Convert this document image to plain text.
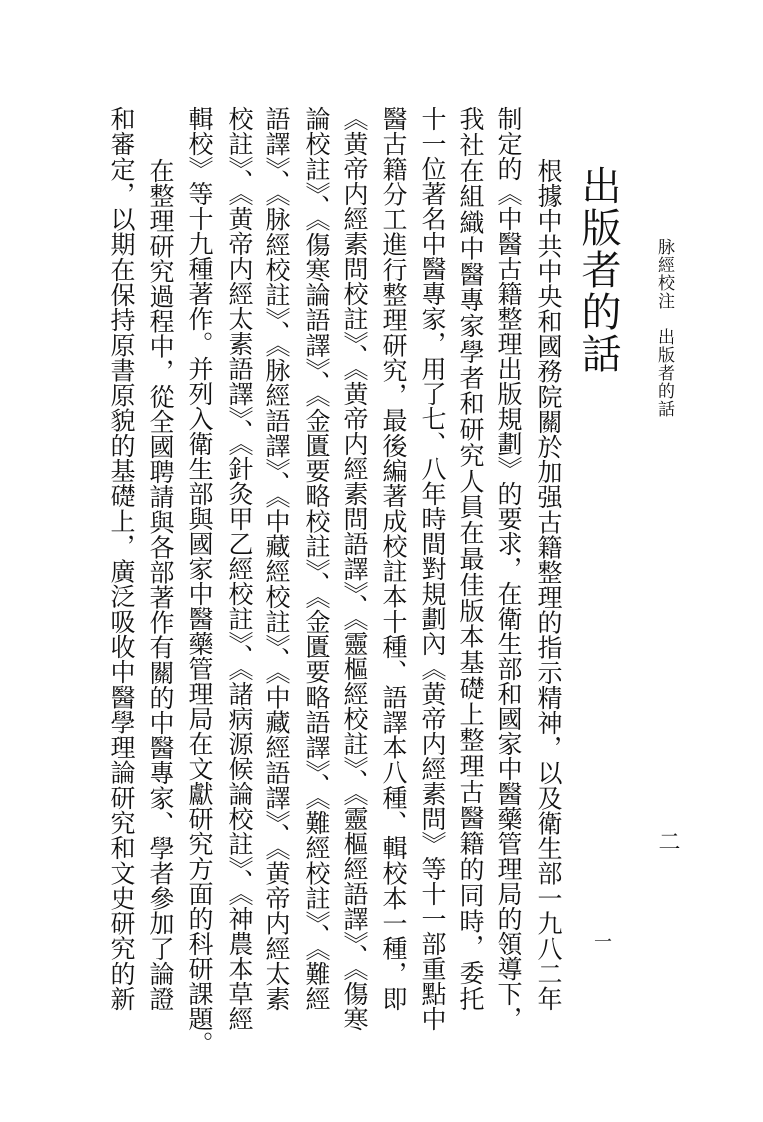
脉經校注　出版者的話
出版者的話
根據中共中央和國務院關於加强古籍整理的指示精神，以及衛生部一九八二年
制定的《中醫古籍整理出版規劃》的要求，在衛生部和國家中醫藥管理局的領導下，
我社在組織中醫專家學者和研究人員在最佳版本基礎上整理古醫籍的同時，委托
十一位著名中醫專家，用了七、八年時間對規劃內《黄帝内經素問》等十一部重點中
醫古籍分工進行整理研究，最後編著成校註本十種、語譯本八種、輯校本一種，即
《黄帝内經素問校註》、《黄帝内經素問語譯》、《靈樞經校註》、《靈樞經語譯》、《傷寒
論校註》、《傷寒論語譯》、《金匱要略校註》、《金匱要略語譯》、《難經校註》、《難經
語譯》、《脉經校註》、《脉經語譯》、《中藏經校註》、《中藏經語譯》、《黄帝内經太素
校註》、《黄帝内經太素語譯》、《針灸甲乙經校註》、《諸病源候論校註》、《神農本草經
輯校》等十九種著作。并列入衛生部與國家中醫藥管理局在文獻研究方面的科研課題。
在整理研究過程中，從全國聘請與各部著作有關的中醫專家、學者參加了論證
和審定，以期在保持原書原貌的基礎上，廣泛吸收中醫學理論研究和文史研究的新	二
一
